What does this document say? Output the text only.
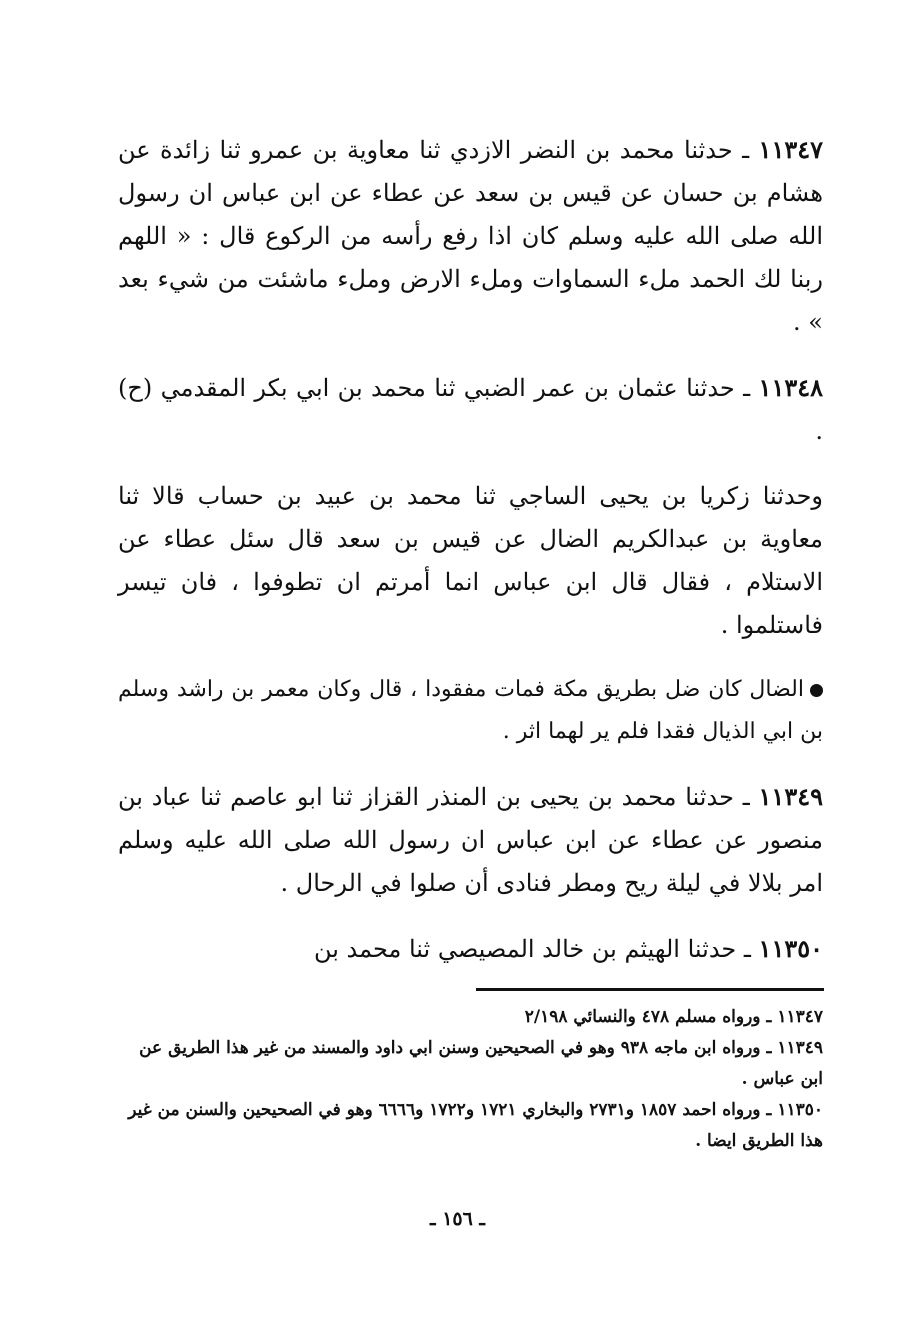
١١٣٤٧ ـ حدثنا محمد بن النضر الازدي ثنا معاوية بن عمرو ثنا زائدة عن هشام بن حسان عن قيس بن سعد عن عطاء عن ابن عباس ان رسول الله صلى الله عليه وسلم كان اذا رفع رأسه من الركوع قال : « اللهم ربنا لك الحمد ملء السماوات وملء الارض وملء ماشئت من شيء بعد » .

١١٣٤٨ ـ حدثنا عثمان بن عمر الضبي ثنا محمد بن ابي بكر المقدمي (ح) .

وحدثنا زكريا بن يحيى الساجي ثنا محمد بن عبيد بن حساب قالا ثنا معاوية بن عبدالكريم الضال عن قيس بن سعد قال سئل عطاء عن الاستلام ، فقال قال ابن عباس انما أمرتم ان تطوفوا ، فان تيسر فاستلموا .

الضال كان ضل بطريق مكة فمات مفقودا ، قال وكان معمر بن راشد وسلم بن ابي الذيال فقدا فلم ير لهما اثر .

١١٣٤٩ ـ حدثنا محمد بن يحيى بن المنذر القزاز ثنا ابو عاصم ثنا عباد بن منصور عن عطاء عن ابن عباس ان رسول الله صلى الله عليه وسلم امر بلالا في ليلة ريح ومطر فنادى أن صلوا في الرحال .

١١٣٥٠ ـ حدثنا الهيثم بن خالد المصيصي ثنا محمد بن

١١٣٤٧ ـ ورواه مسلم ٤٧٨ والنسائي ٢/١٩٨

١١٣٤٩ ـ ورواه ابن ماجه ٩٣٨ وهو في الصحيحين وسنن ابي داود والمسند من غير هذا الطريق عن ابن عباس .

١١٣٥٠ ـ ورواه احمد ١٨٥٧ و٢٧٣١ والبخاري ١٧٢١ و١٧٢٢ و٦٦٦٦ وهو في الصحيحين والسنن من غير هذا الطريق ايضا .

ـ ١٥٦ ـ
